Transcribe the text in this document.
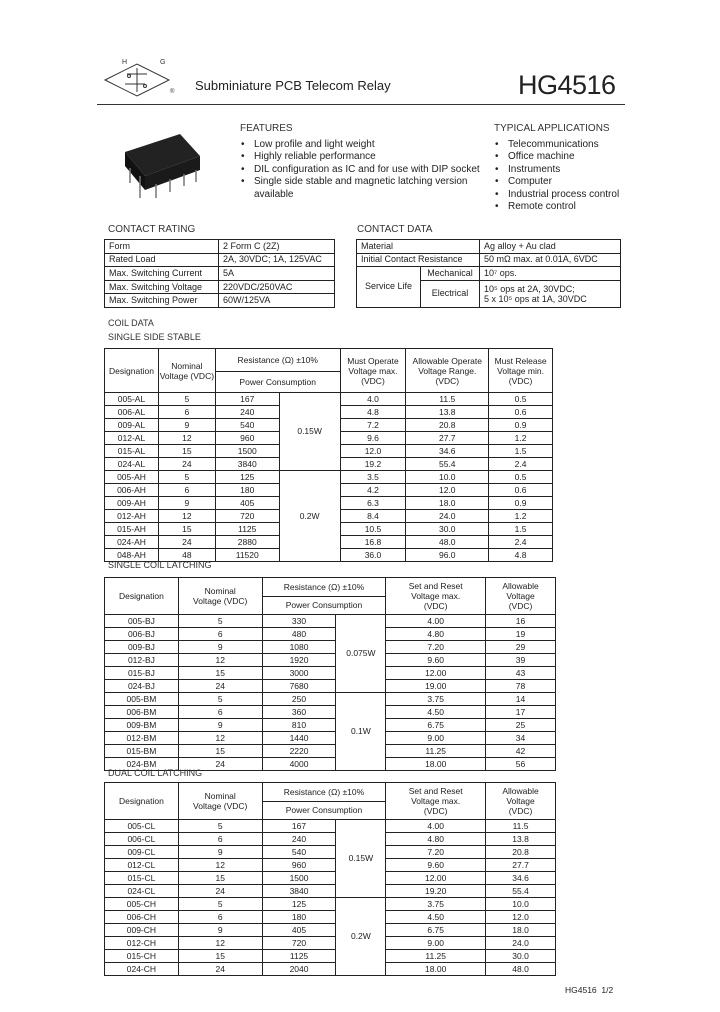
H	G
® Subminiature PCB Telecom Relay	HG4516
FEATURES
• Low profile and light weight
• Highly reliable performance
• DIL configuration as IC and for use with DIP socket
• Single side stable and magnetic latching version available
TYPICAL APPLICATIONS
• Telecommunications
• Office machine
• Instruments
• Computer
• Industrial process control
• Remote control
CONTACT RATING
Form	2 Form C (2Z)
Rated Load	2A, 30VDC; 1A, 125VAC
Max. Switching Current	5A
Max. Switching Voltage	220VDC/250VAC
Max. Switching Power	60W/125VA
CONTACT DATA
Material		Ag alloy + Au clad
Initial Contact Resistance		50 mΩ max. at 0.01A, 6VDC
Service Life	Mechanical	10⁷ ops.
	Electrical	10⁵ ops at 2A, 30VDC;
5 x 10⁵ ops at 1A, 30VDC
COIL DATA
SINGLE SIDE STABLE
Designation	Nominal Voltage (VDC)	Resistance (Ω) ±10%		Must Operate Voltage max. (VDC)	Allowable Operate Voltage Range. (VDC)	Must Release Voltage min. (VDC)
		Power Consumption				
005-AL	5	167	0.15W	4.0	11.5	0.5
006-AL	6	240		4.8	13.8	0.6
009-AL	9	540		7.2	20.8	0.9
012-AL	12	960		9.6	27.7	1.2
015-AL	15	1500		12.0	34.6	1.5
024-AL	24	3840		19.2	55.4	2.4
005-AH	5	125	0.2W	3.5	10.0	0.5
006-AH	6	180		4.2	12.0	0.6
009-AH	9	405		6.3	18.0	0.9
012-AH	12	720		8.4	24.0	1.2
015-AH	15	1125		10.5	30.0	1.5
024-AH	24	2880		16.8	48.0	2.4
048-AH	48	11520		36.0	96.0	4.8
SINGLE COIL LATCHING
Designation	Nominal Voltage (VDC)	Resistance (Ω) ±10%		Set and Reset Voltage max. (VDC)	Allowable Voltage (VDC)
		Power Consumption			
005-BJ	5	330	0.075W	4.00	16
006-BJ	6	480		4.80	19
009-BJ	9	1080		7.20	29
012-BJ	12	1920		9.60	39
015-BJ	15	3000		12.00	43
024-BJ	24	7680		19.00	78
005-BM	5	250	0.1W	3.75	14
006-BM	6	360		4.50	17
009-BM	9	810		6.75	25
012-BM	12	1440		9.00	34
015-BM	15	2220		11.25	42
024-BM	24	4000		18.00	56
DUAL COIL LATCHING
Designation	Nominal Voltage (VDC)	Resistance (Ω) ±10%		Set and Reset Voltage max. (VDC)	Allowable Voltage (VDC)
		Power Consumption			
005-CL	5	167	0.15W	4.00	11.5
006-CL	6	240		4.80	13.8
009-CL	9	540		7.20	20.8
012-CL	12	960		9.60	27.7
015-CL	15	1500		12.00	34.6
024-CL	24	3840		19.20	55.4
005-CH	5	125	0.2W	3.75	10.0
006-CH	6	180		4.50	12.0
009-CH	9	405		6.75	18.0
012-CH	12	720		9.00	24.0
015-CH	15	1125		11.25	30.0
024-CH	24	2040		18.00	48.0
HG4516 1/2
